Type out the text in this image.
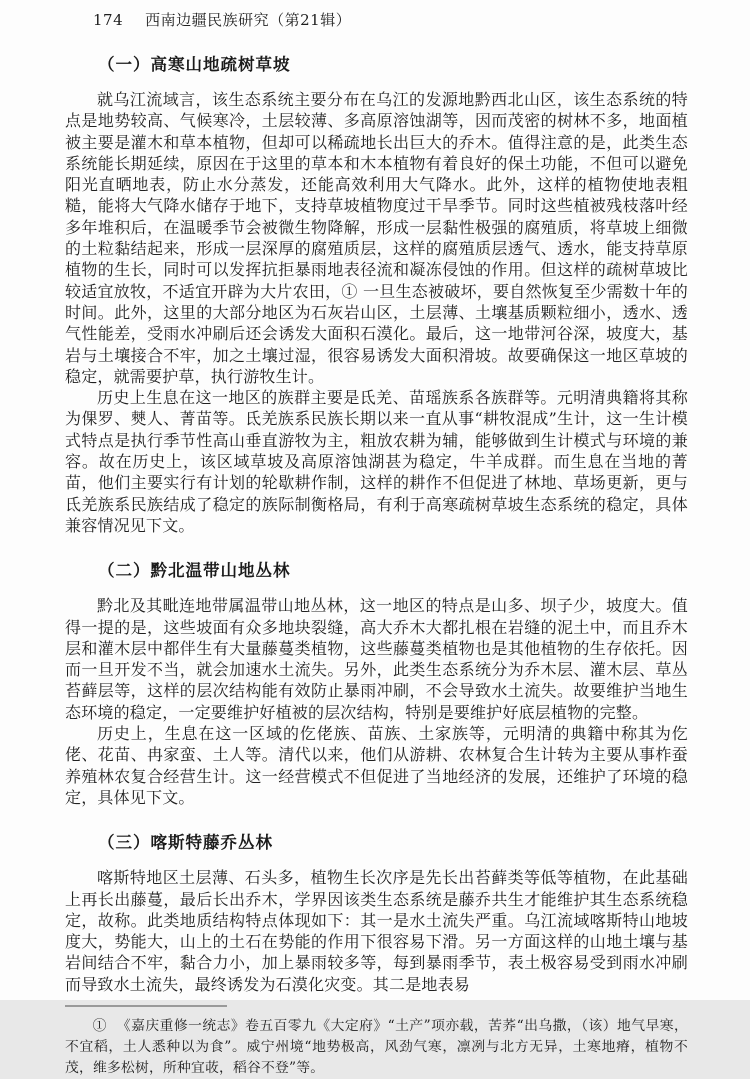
174 西南边疆民族研究（第21辑）
（一）高寒山地疏树草坡

就乌江流域言，该生态系统主要分布在乌江的发源地黔西北山区，该生态系统的特点是地势较高、气候寒冷，土层较薄、多高原溶蚀湖等，因而茂密的树林不多，地面植被主要是灌木和草本植物，但却可以稀疏地长出巨大的乔木。值得注意的是，此类生态系统能长期延续，原因在于这里的草本和木本植物有着良好的保土功能，不但可以避免阳光直晒地表，防止水分蒸发，还能高效利用大气降水。此外，这样的植物使地表粗糙，能将大气降水储存于地下，支持草坡植物度过干旱季节。同时这些植被残枝落叶经多年堆积后，在温暖季节会被微生物降解，形成一层黏性极强的腐殖质，将草坡上细微的土粒黏结起来，形成一层深厚的腐殖质层，这样的腐殖质层透气、透水，能支持草原植物的生长，同时可以发挥抗拒暴雨地表径流和凝冻侵蚀的作用。但这样的疏树草坡比较适宜放牧，不适宜开辟为大片农田，① 一旦生态被破坏，要自然恢复至少需数十年的时间。此外，这里的大部分地区为石灰岩山区，土层薄、土壤基质颗粒细小，透水、透气性能差，受雨水冲刷后还会诱发大面积石漠化。最后，这一地带河谷深，坡度大，基岩与土壤接合不牢，加之土壤过湿，很容易诱发大面积滑坡。故要确保这一地区草坡的稳定，就需要护草，执行游牧生计。

历史上生息在这一地区的族群主要是氐羌、苗瑶族系各族群等。元明清典籍将其称为倮罗、僰人、菁苗等。氐羌族系民族长期以来一直从事“耕牧混成”生计，这一生计模式特点是执行季节性高山垂直游牧为主，粗放农耕为辅，能够做到生计模式与环境的兼容。故在历史上，该区域草坡及高原溶蚀湖甚为稳定，牛羊成群。而生息在当地的菁苗，他们主要实行有计划的轮歇耕作制，这样的耕作不但促进了林地、草场更新，更与氐羌族系民族结成了稳定的族际制衡格局，有利于高寒疏树草坡生态系统的稳定，具体兼容情况见下文。

（二）黔北温带山地丛林

黔北及其毗连地带属温带山地丛林，这一地区的特点是山多、坝子少，坡度大。值得一提的是，这些坡面有众多地块裂缝，高大乔木大都扎根在岩缝的泥土中，而且乔木层和灌木层中都伴生有大量藤蔓类植物，这些藤蔓类植物也是其他植物的生存依托。因而一旦开发不当，就会加速水土流失。另外，此类生态系统分为乔木层、灌木层、草丛苔藓层等，这样的层次结构能有效防止暴雨冲刷，不会导致水土流失。故要维护当地生态环境的稳定，一定要维护好植被的层次结构，特别是要维护好底层植物的完整。

历史上，生息在这一区域的仡佬族、苗族、土家族等，元明清的典籍中称其为仡佬、花苗、冉家蛮、土人等。清代以来，他们从游耕、农林复合生计转为主要从事柞蚕养殖林农复合经营生计。这一经营模式不但促进了当地经济的发展，还维护了环境的稳定，具体见下文。

（三）喀斯特藤乔丛林

喀斯特地区土层薄、石头多，植物生长次序是先长出苔藓类等低等植物，在此基础上再长出藤蔓，最后长出乔木，学界因该类生态系统是藤乔共生才能维护其生态系统稳定，故称。此类地质结构特点体现如下：其一是水土流失严重。乌江流域喀斯特山地坡度大，势能大，山上的土石在势能的作用下很容易下滑。另一方面这样的山地土壤与基岩间结合不牢，黏合力小，加上暴雨较多等，每到暴雨季节，表土极容易受到雨水冲刷而导致水土流失，最终诱发为石漠化灾变。其二是地表易

① 《嘉庆重修一统志》卷五百零九《大定府》“土产”项亦载，苦荞“出乌撒，（该）地气早寒，不宜稻，土人悉种以为食”。威宁州境“地势极高，风劲气寒，凛冽与北方无异，土寒地瘠，植物不茂，维多松树，所种宜荍，稻谷不登”等。
